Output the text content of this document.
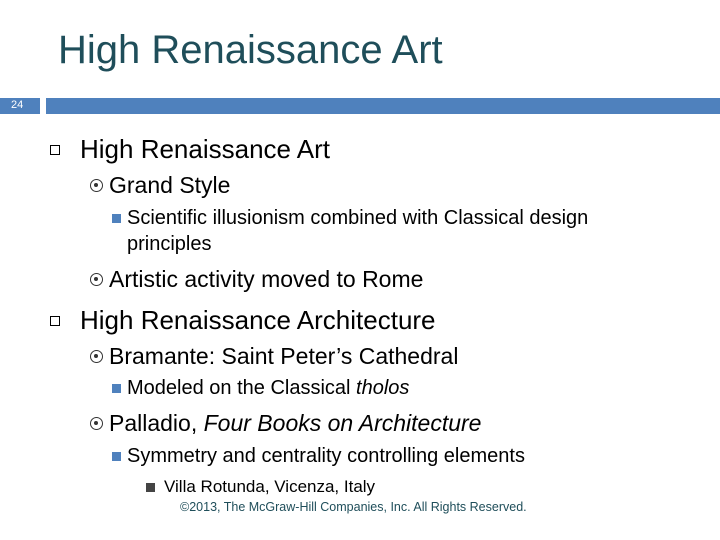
High Renaissance Art
24
High Renaissance Art
Grand Style
Scientific illusionism combined with Classical design
principles
Artistic activity moved to Rome
High Renaissance Architecture
Bramante: Saint Peter’s Cathedral
Modeled on the Classical tholos
Palladio, Four Books on Architecture
Symmetry and centrality controlling elements
Villa Rotunda, Vicenza, Italy
©2013, The McGraw-Hill Companies, Inc. All Rights Reserved.
